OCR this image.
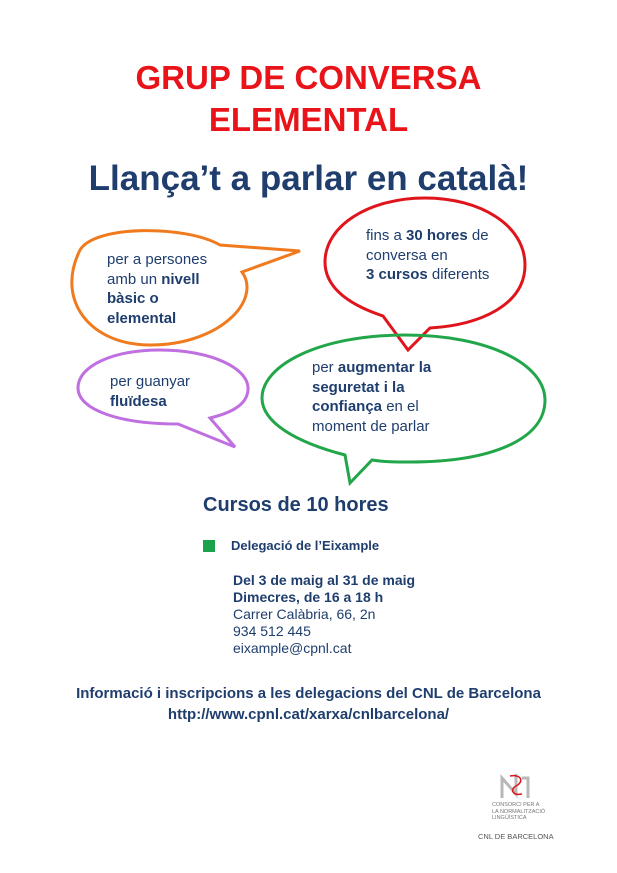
GRUP DE CONVERSA
ELEMENTAL
Llança’t a parlar en català!
per a persones
amb un nivell
bàsic o
elemental
fins a 30 hores de
conversa en
3 cursos diferents
per guanyar
fluïdesa
per augmentar la
seguretat i la
confiança en el
moment de parlar
Cursos de 10 hores
Delegació de l’Eixample
Del 3 de maig al 31 de maig
Dimecres, de 16 a 18 h
Carrer Calàbria, 66, 2n
934 512 445
eixample@cpnl.cat
Informació i inscripcions a les delegacions del CNL de Barcelona
http://www.cpnl.cat/xarxa/cnlbarcelona/
CONSORCI PER A
LA NORMALITZACIÓ
LINGÜÍSTICA
CNL DE BARCELONA
